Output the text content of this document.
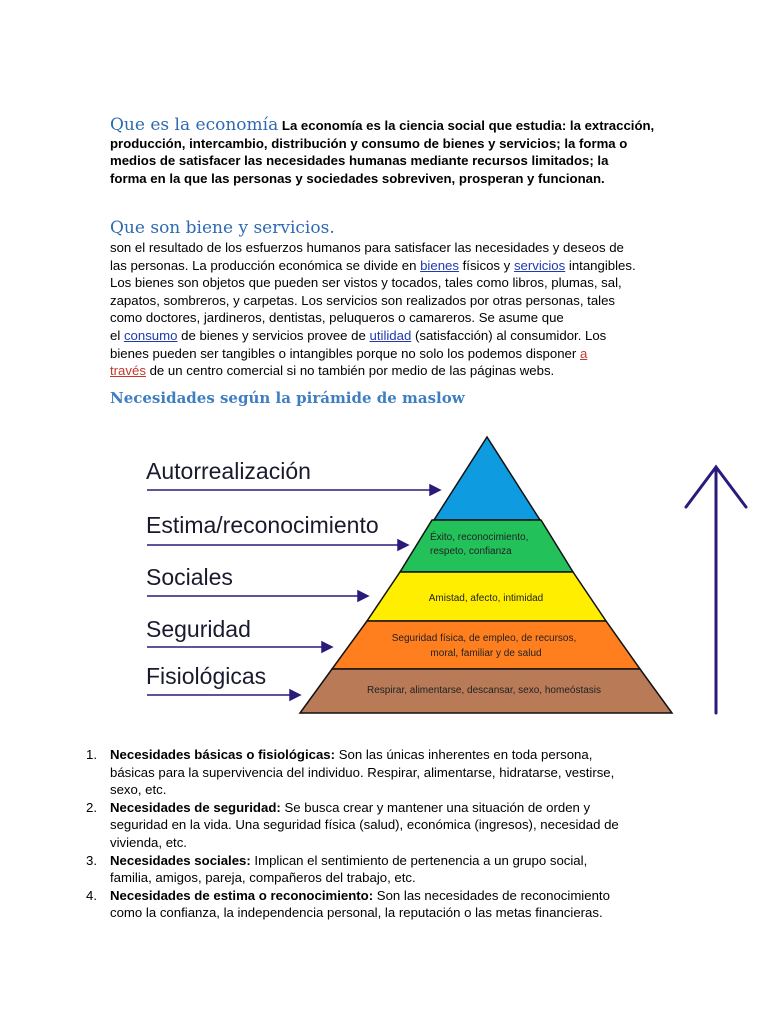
Que es la economía La economía es la ciencia social que estudia: la extracción,
producción, intercambio, distribución y consumo de bienes y servicios; la forma o
medios de satisfacer las necesidades humanas mediante recursos limitados; la
forma en la que las personas y sociedades sobreviven, prosperan y funcionan.
Que son biene y servicios.
son el resultado de los esfuerzos humanos para satisfacer las necesidades y deseos de
las personas. La producción económica se divide en bienes físicos y servicios intangibles.
Los bienes son objetos que pueden ser vistos y tocados, tales como libros, plumas, sal,
zapatos, sombreros, y carpetas. Los servicios son realizados por otras personas, tales
como doctores, jardineros, dentistas, peluqueros o camareros. Se asume que
el consumo de bienes y servicios provee de utilidad (satisfacción) al consumidor. Los
bienes pueden ser tangibles o intangibles porque no solo los podemos disponer a
través de un centro comercial si no también por medio de las páginas webs.
Necesidades según la pirámide de maslow
Éxito, reconocimiento,
respeto, confianza
Amistad, afecto, intimidad
Seguridad física, de empleo, de recursos,
moral, familiar y de salud
Respirar, alimentarse, descansar, sexo, homeóstasis
Autorrealización
Estima/reconocimiento
Sociales
Seguridad
Fisiológicas
1. Necesidades básicas o fisiológicas: Son las únicas inherentes en toda persona,
básicas para la supervivencia del individuo. Respirar, alimentarse, hidratarse, vestirse,
sexo, etc.
2. Necesidades de seguridad: Se busca crear y mantener una situación de orden y
seguridad en la vida. Una seguridad física (salud), económica (ingresos), necesidad de
vivienda, etc.
3. Necesidades sociales: Implican el sentimiento de pertenencia a un grupo social,
familia, amigos, pareja, compañeros del trabajo, etc.
4. Necesidades de estima o reconocimiento: Son las necesidades de reconocimiento
como la confianza, la independencia personal, la reputación o las metas financieras.
